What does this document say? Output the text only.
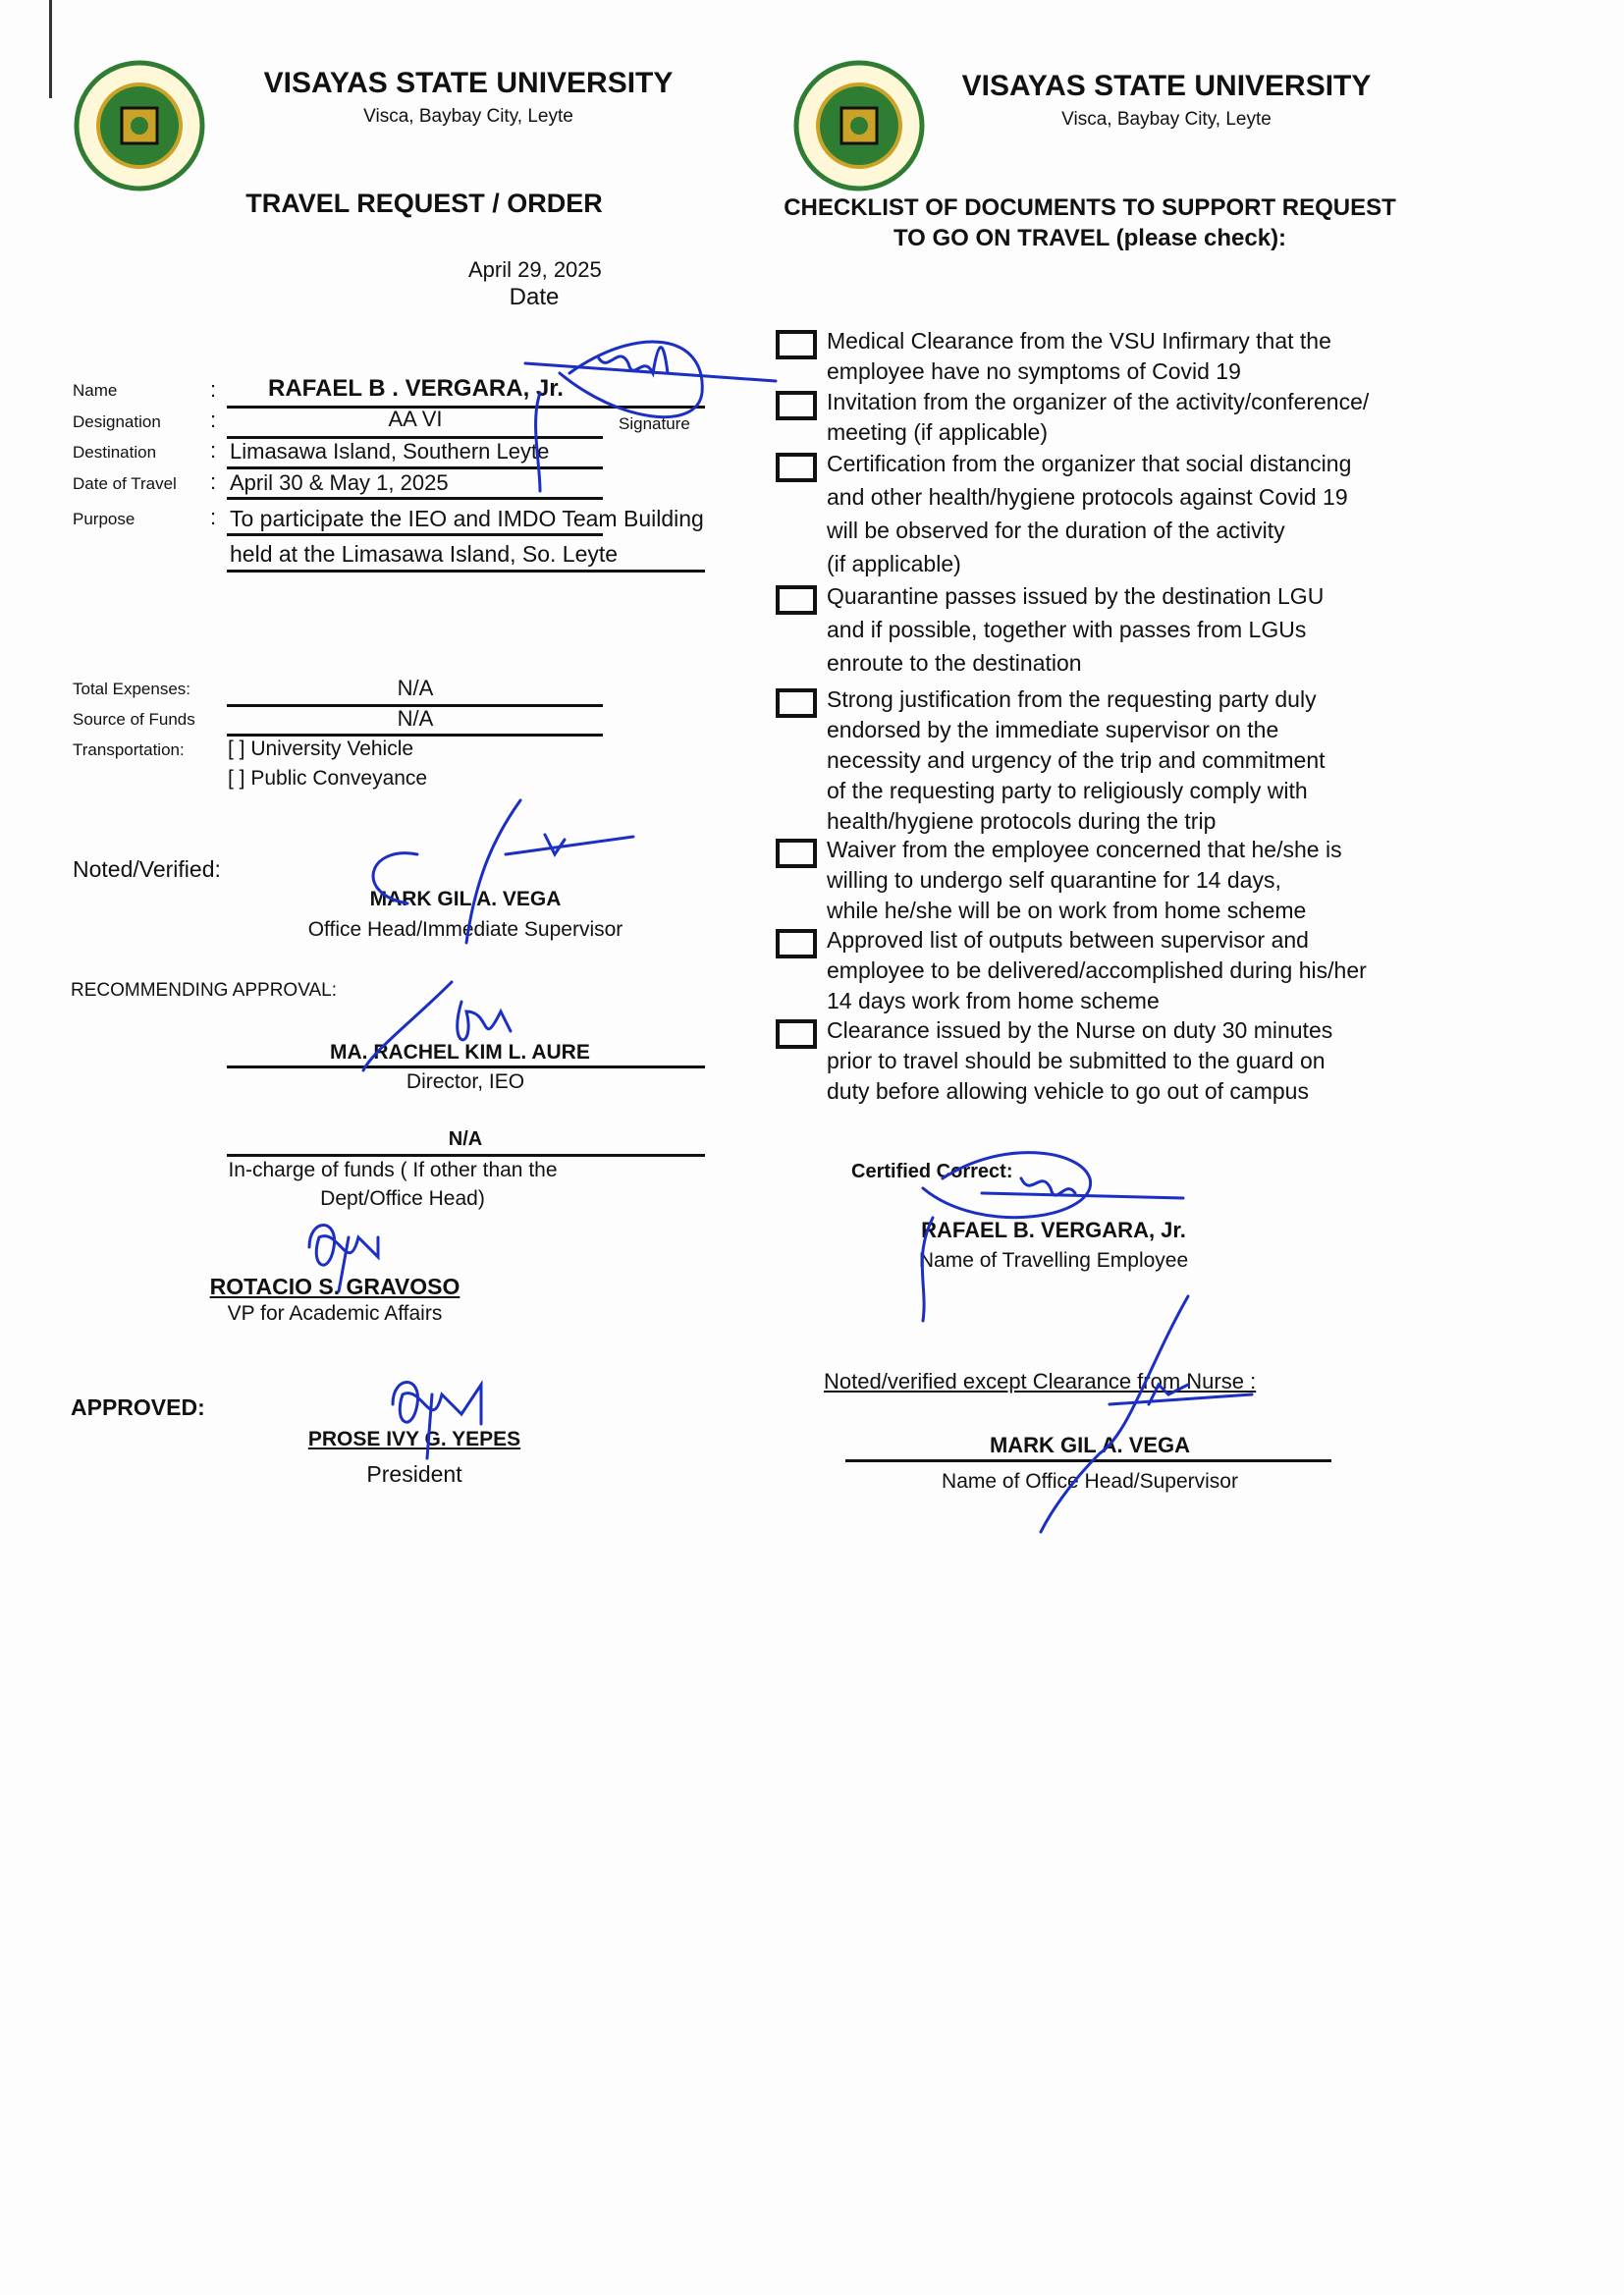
VISAYAS STATE UNIVERSITY
Visca, Baybay City, Leyte
VISAYAS STATE UNIVERSITY
Visca, Baybay City, Leyte
TRAVEL REQUEST / ORDER
April 29, 2025
Date
Name	: RAFAEL B . VERGARA, Jr.
Signature
Designation :	AA VI
Destination : Limasawa Island, Southern Leyte
Date of Travel : April 30 & May 1, 2025
Purpose	: To participate the IEO and IMDO Team Building
held at the Limasawa Island, So. Leyte
Total Expenses:	N/A
Source of Funds	N/A
Transportation: [ ] University Vehicle
[ ] Public Conveyance
Noted/Verified:
MARK GIL A. VEGA
Office Head/Immediate Supervisor
RECOMMENDING APPROVAL:
MA. RACHEL KIM L. AURE
Director, IEO
N/A
In-charge of funds ( If other than the
Dept/Office Head)
ROTACIO S. GRAVOSO
VP for Academic Affairs
APPROVED:
PROSE IVY G. YEPES
President
CHECKLIST OF DOCUMENTS TO SUPPORT REQUEST
TO GO ON TRAVEL (please check):
Medical Clearance from the VSU Infirmary that the
employee have no symptoms of Covid 19
Invitation from the organizer of the activity/conference/
meeting (if applicable)
Certification from the organizer that social distancing
and other health/hygiene protocols against Covid 19
will be observed for the duration of the activity
(if applicable)
Quarantine passes issued by the destination LGU
and if possible, together with passes from LGUs
enroute to the destination
Strong justification from the requesting party duly
endorsed by the immediate supervisor on the
necessity and urgency of the trip and commitment
of the requesting party to religiously comply with
health/hygiene protocols during the trip
Waiver from the employee concerned that he/she is
willing to undergo self quarantine for 14 days,
while he/she will be on work from home scheme
Approved list of outputs between supervisor and
employee to be delivered/accomplished during his/her
14 days work from home scheme
Clearance issued by the Nurse on duty 30 minutes
prior to travel should be submitted to the guard on
duty before allowing vehicle to go out of campus
Certified Correct:
RAFAEL B. VERGARA, Jr.
Name of Travelling Employee
Noted/verified except Clearance from Nurse :
MARK GIL A. VEGA
Name of Office Head/Supervisor
